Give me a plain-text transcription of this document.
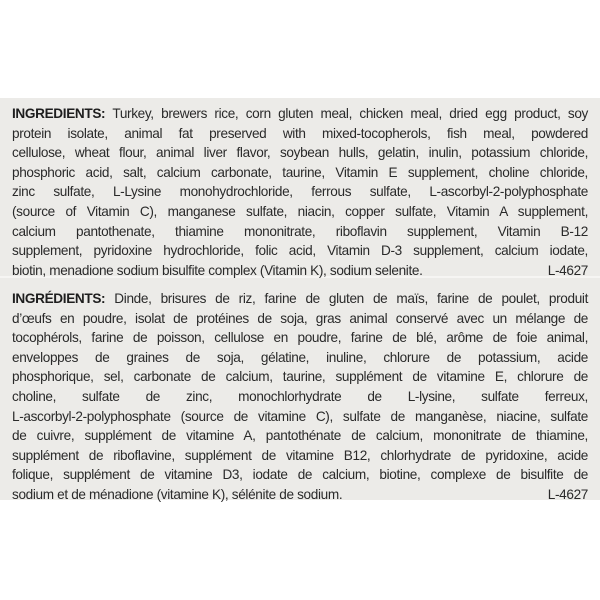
INGREDIENTS: Turkey, brewers rice, corn gluten meal, chicken meal, dried egg product, soy
protein isolate, animal fat preserved with mixed-tocopherols, fish meal, powdered
cellulose, wheat flour, animal liver flavor, soybean hulls, gelatin, inulin, potassium chloride,
phosphoric acid, salt, calcium carbonate, taurine, Vitamin E supplement, choline chloride,
zinc sulfate, L-Lysine monohydrochloride, ferrous sulfate, L-ascorbyl-2-polyphosphate
(source of Vitamin C), manganese sulfate, niacin, copper sulfate, Vitamin A supplement,
calcium pantothenate, thiamine mononitrate, riboflavin supplement, Vitamin B-12
supplement, pyridoxine hydrochloride, folic acid, Vitamin D-3 supplement, calcium iodate,
biotin, menadione sodium bisulfite complex (Vitamin K), sodium selenite.	L-4627
INGRÉDIENTS: Dinde, brisures de riz, farine de gluten de maïs, farine de poulet, produit
d’œufs en poudre, isolat de protéines de soja, gras animal conservé avec un mélange de
tocophérols, farine de poisson, cellulose en poudre, farine de blé, arôme de foie animal,
enveloppes de graines de soja, gélatine, inuline, chlorure de potassium, acide
phosphorique, sel, carbonate de calcium, taurine, supplément de vitamine E, chlorure de
choline, sulfate de zinc, monochlorhydrate de L-lysine, sulfate ferreux,
L-ascorbyl-2-polyphosphate (source de vitamine C), sulfate de manganèse, niacine, sulfate
de cuivre, supplément de vitamine A, pantothénate de calcium, mononitrate de thiamine,
supplément de riboflavine, supplément de vitamine B12, chlorhydrate de pyridoxine, acide
folique, supplément de vitamine D3, iodate de calcium, biotine, complexe de bisulfite de
sodium et de ménadione (vitamine K), sélénite de sodium.	L-4627
